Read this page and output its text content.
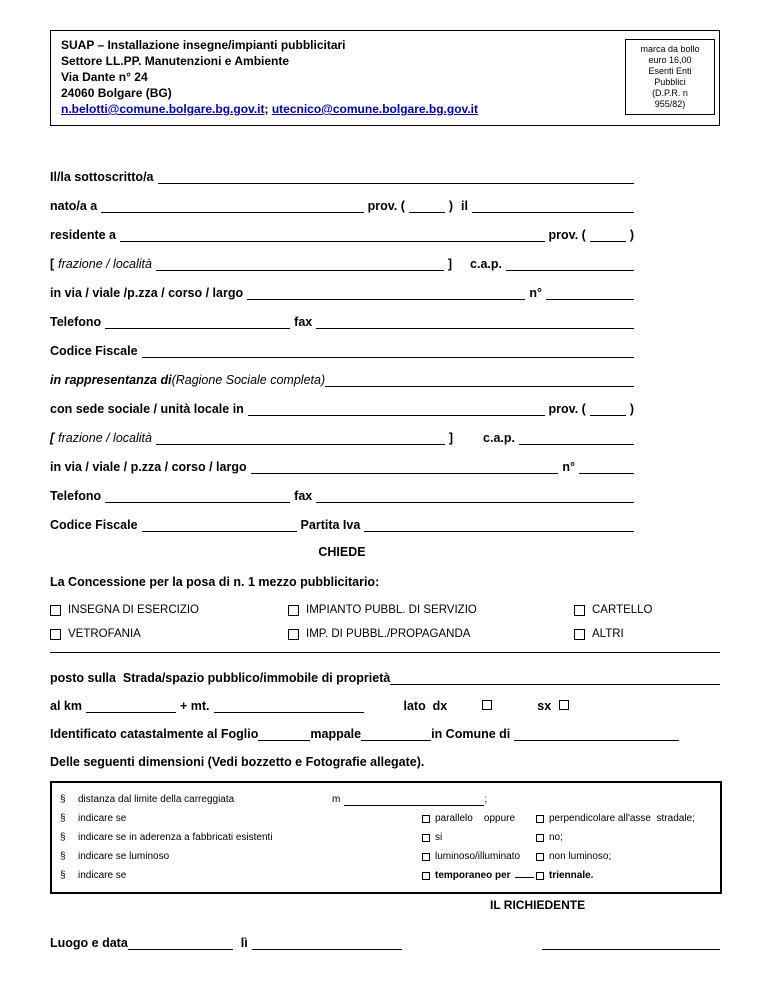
SUAP – Installazione insegne/impianti pubblicitari
Settore LL.PP. Manutenzioni e Ambiente
Via Dante n° 24
24060 Bolgare (BG)
n.belotti@comune.bolgare.bg.gov.it; utecnico@comune.bolgare.bg.gov.it
marca da bollo
euro 16,00
Esenti Enti
Pubblici
(D.P.R. n
955/82)
Il/la sottoscritto/a
nato/a a	prov. (	) il
residente a	prov. (	)
[ frazione / località	] c.a.p.
in via / viale /p.zza / corso / largo	n°
Telefono	fax
Codice Fiscale
in rappresentanza di (Ragione Sociale completa)
con sede sociale / unità locale in	prov. (	)
[ frazione / località	] c.a.p.
in via / viale / p.zza / corso / largo	n°
Telefono	fax
Codice Fiscale	Partita Iva
CHIEDE
La Concessione per la posa di n. 1 mezzo pubblicitario:
INSEGNA DI ESERCIZIO	IMPIANTO PUBBL. DI SERVIZIO	CARTELLO
VETROFANIA	IMP. DI PUBBL./PROPAGANDA	ALTRI
posto sulla  Strada/spazio pubblico/immobile di proprietà
al km	+ mt.	lato  dx	sx
Identificato catastalmente al Foglio	mappale	in Comune di
Delle seguenti dimensioni (Vedi bozzetto e Fotografie allegate).
§	distanza dal limite della carreggiata	m	;
§	indicare se	parallelo    oppure	perpendicolare all'asse  stradale;
§	indicare se in aderenza a fabbricati esistenti	si	no;
§	indicare se luminoso	luminoso/illuminato	non luminoso;
§	indicare se	temporaneo per	triennale.
IL RICHIEDENTE
Luogo e data	lì
